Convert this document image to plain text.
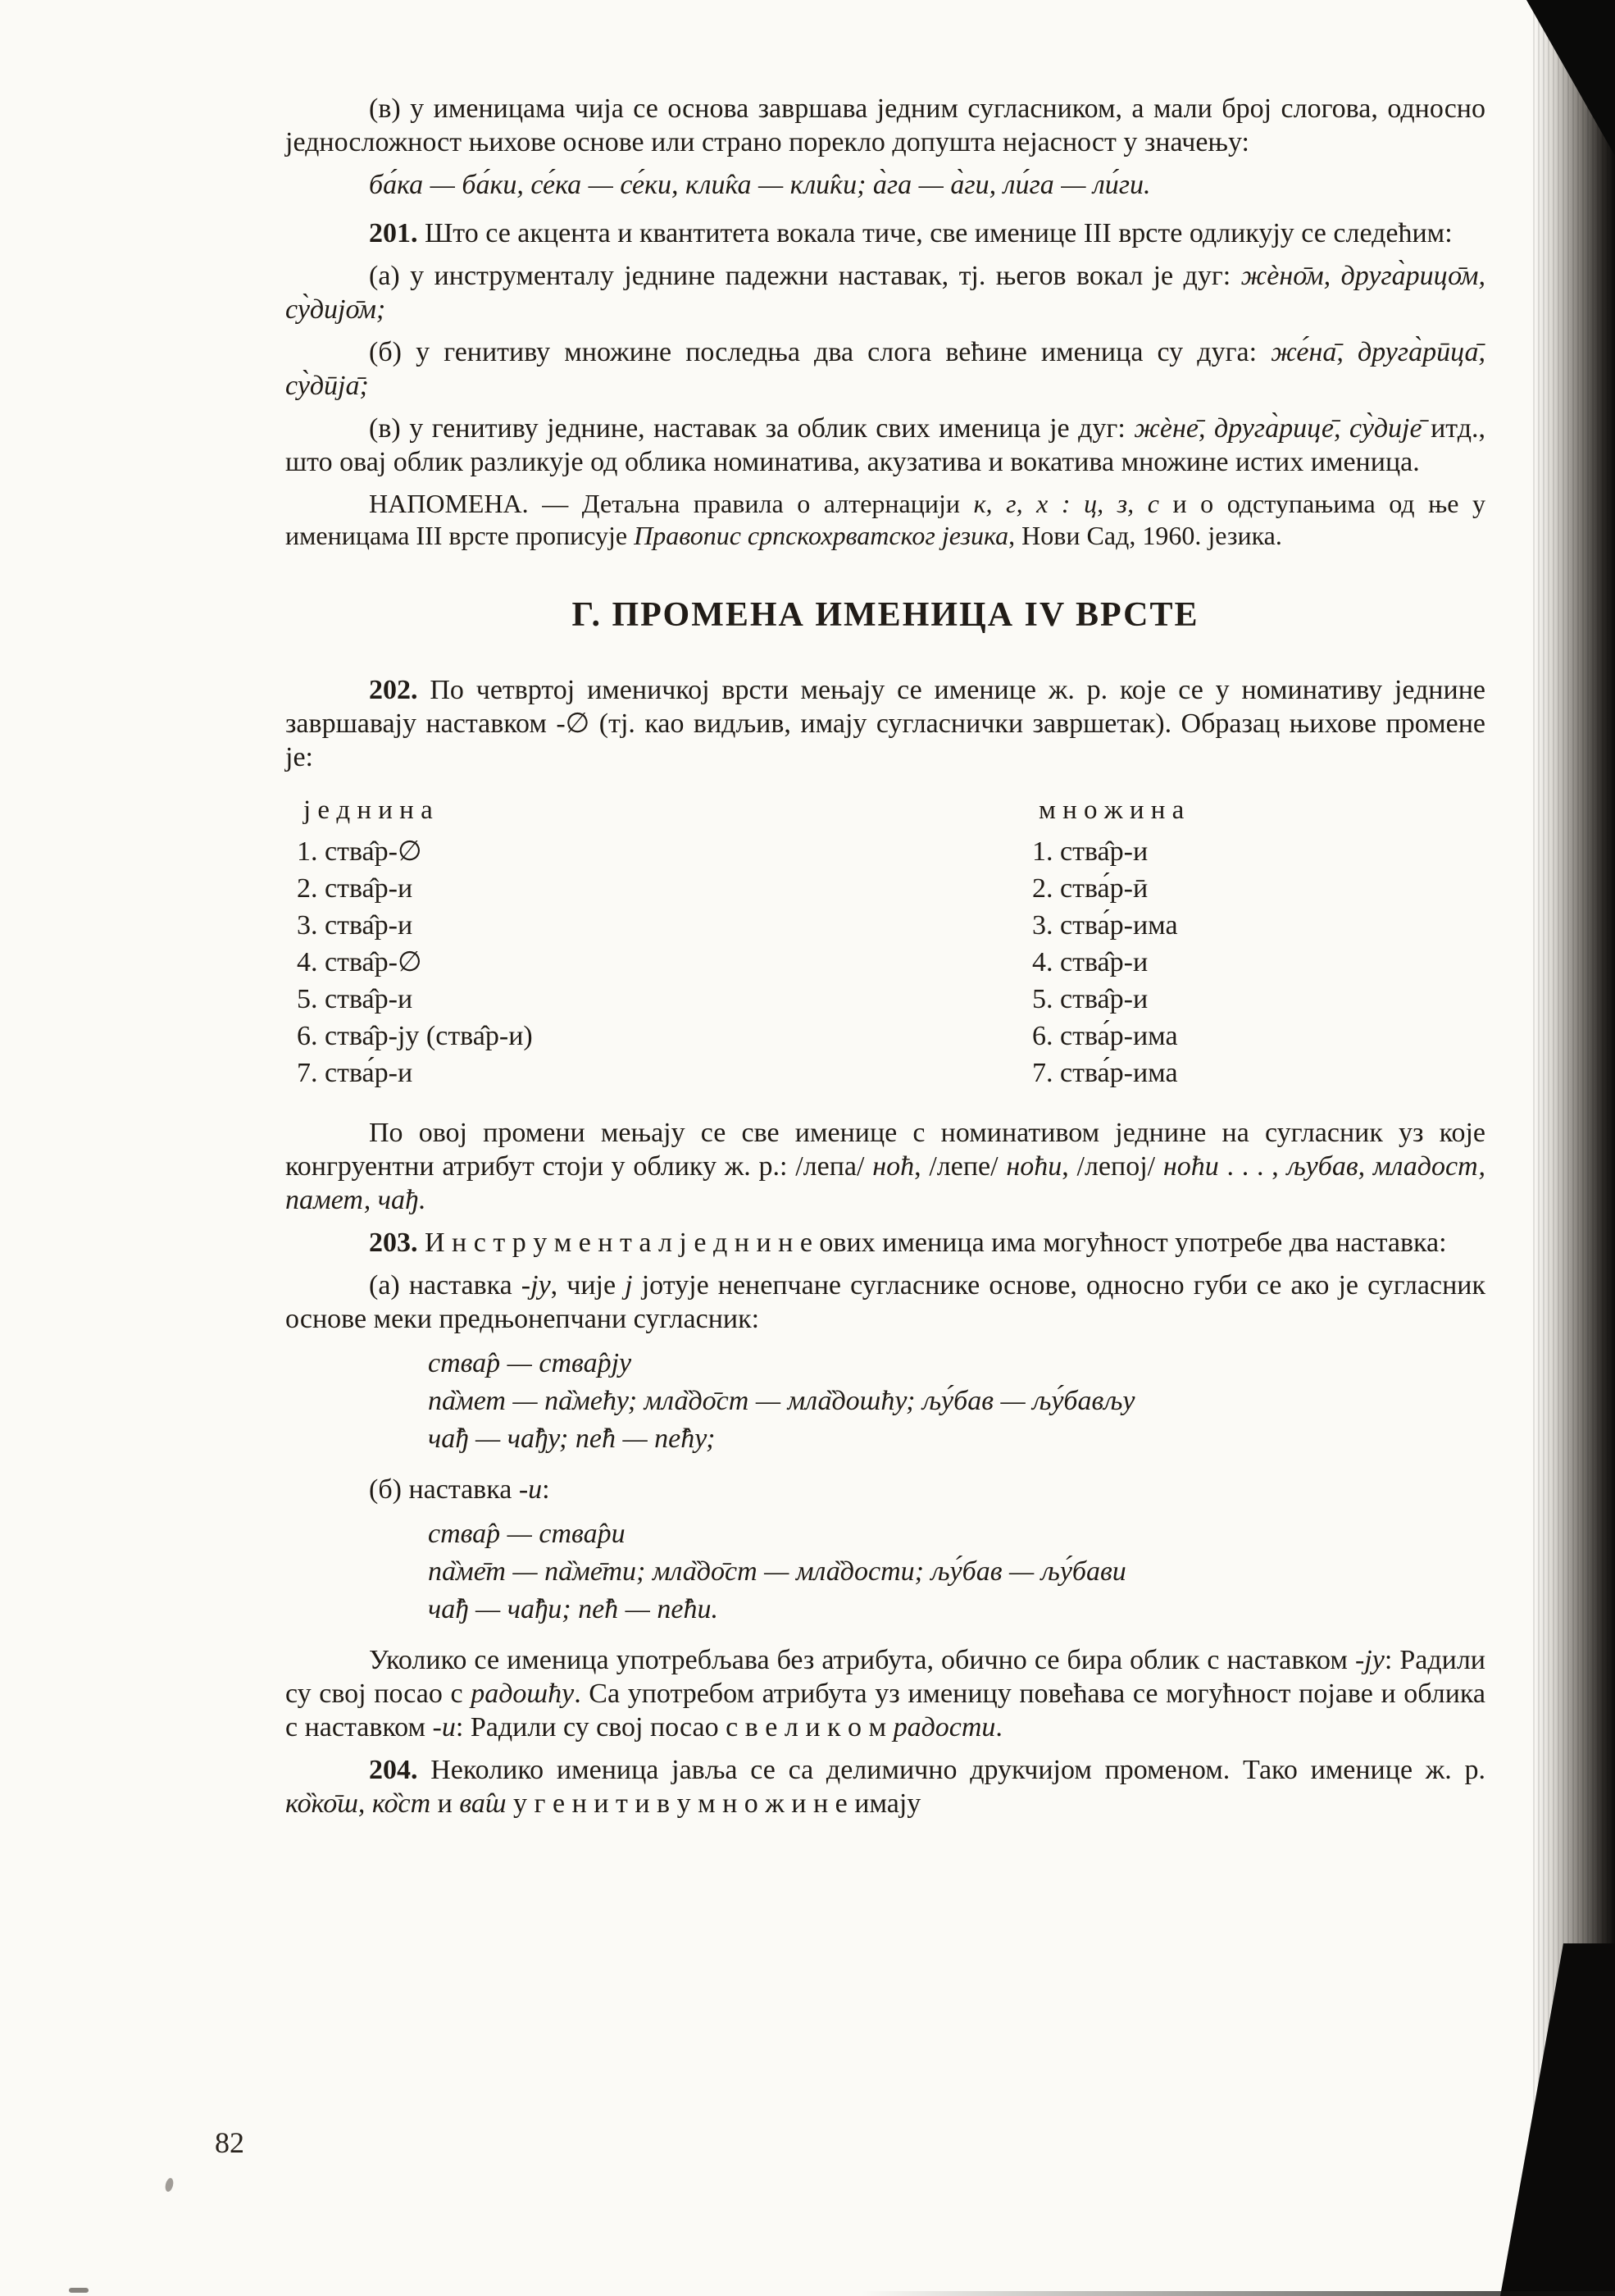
(в) у именицама чија се основа завршава једним сугласником, а мали број слогова, односно једносложност њихове основе или страно порекло допушта нејасност у значењу:

ба́ка — ба́ки, се́ка — се́ки, кли̂ка — кли̂ки; а̀га — а̀ги, ли́га — ли́ги.

201. Што се акцента и квантитета вокала тиче, све именице III врсте одликују се следећим:

(а) у инструменталу једнине падежни наставак, тј. његов вокал је дуг: жѐно̄м, друга̀рицо̄м, су̀дијо̄м;

(б) у генитиву множине последња два слога већине именица су дуга: же́на̄, друга̀рӣца̄, су̀дӣја̄;

(в) у генитиву једнине, наставак за облик свих именица је дуг: жѐне̄, друга̀рице̄, су̀дије̄ итд., што овај облик разликује од облика номинатива, акузатива и вокатива множине истих именица.

НАПОМЕНА. — Детаљна правила о алтернацији к, г, х : ц, з, с и о одступањима од ње у именицама III врсте прописује Правопис српскохрватског језика, Нови Сад, 1960. језика.

Г. ПРОМЕНА ИМЕНИЦА IV ВРСТЕ

202. По четвртој именичкој врсти мењају се именице ж. р. које се у номинативу једнине завршавају наставком -∅ (тј. као видљив, имају сугласнички завршетак). Образац њихове промене је:

ј е д н и н а
1. ства̂р-∅
2. ства̂р-и
3. ства̂р-и
4. ства̂р-∅
5. ства̂р-и
6. ства̂р-ју (ства̂р-и)
7. ства́р-и
м н о ж и н а
1. ства̂р-и
2. ства́р-ӣ
3. ства́р-има
4. ства̂р-и
5. ства̂р-и
6. ства́р-има
7. ства́р-има

По овој промени мењају се све именице с номинативом једнине на сугласник уз које конгруентни атрибут стоји у облику ж. р.: /лепа/ ноћ, /лепе/ ноћи, /лепој/ ноћи . . . , љубав, младост, памет, чађ.

203. И н с т р у м е н т а л ј е д н и н е ових именица има могућност употребе два наставка:

(а) наставка -ју, чије ј јотује ненепчане сугласнике основе, односно губи се ако је сугласник основе меки предњонепчани сугласник:

ства̂р — ства̂рју
па̏мет — па̏мећу; мла̏до̄ст — мла̏дошћу; љу́бав — љу́бављу
ча̂ђ — ча̂ђу; пе̂ћ — пе̂ћу;

(б) наставка -и:

ства̂р — ства̂ри
па̏ме̄т — па̏ме̄ти; мла̏до̄ст — мла̏дости; љу́бав — љу́бави
ча̂ђ — ча̂ђи; пе̂ћ — пе̂ћи.

Уколико се именица употребљава без атрибута, обично се бира облик с наставком -ју: Радили су свој посао с радошћу. Са употребом атрибута уз именицу повећава се могућност појаве и облика с наставком -и: Радили су свој посао с в е л и к о м радости.

204. Неколико именица јавља се са делимично друкчијом променом. Тако именице ж. р. ко̏ко̄ш, ко̏ст и ва̂ш у г е н и т и в у м н о ж и н е имају

82
